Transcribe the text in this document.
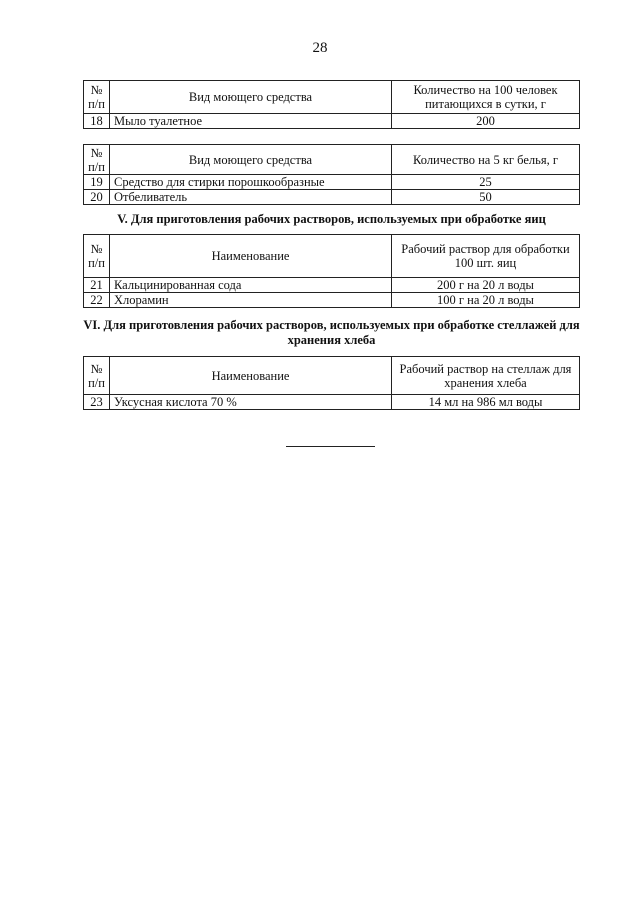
28
№
п/п	Вид моющего средства	Количество на 100 человек питающихся в сутки, г
18	Мыло туалетное	200
№
п/п	Вид моющего средства	Количество на 5 кг белья, г
19	Средство для стирки порошкообразные	25
20	Отбеливатель	50
V. Для приготовления рабочих растворов, используемых при обработке яиц
№
п/п	Наименование	Рабочий раствор для обработки 100 шт. яиц
21	Кальцинированная сода	200 г на 20 л воды
22	Хлорамин	100 г на 20 л воды
VI. Для приготовления рабочих растворов, используемых при обработке стеллажей для хранения хлеба
№
п/п	Наименование	Рабочий раствор на стеллаж для хранения хлеба
23	Уксусная кислота 70 %	14 мл на 986 мл воды
